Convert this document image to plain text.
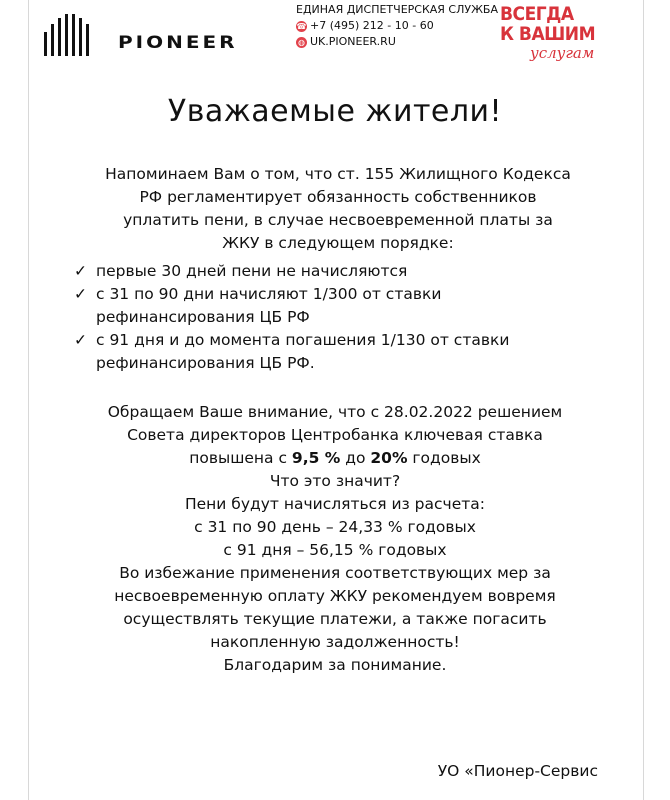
PIONEER
ЕДИНАЯ ДИСПЕТЧЕРСКАЯ СЛУЖБА
☎ +7 (495) 212 - 10 - 60
◍ UK.PIONEER.RU
ВСЕГДА
К ВАШИМ
услугам
Уважаемые жители!
Напоминаем Вам о том, что ст. 155 Жилищного Кодекса
РФ регламентирует обязанность собственников
уплатить пени, в случае несвоевременной платы за
ЖКУ в следующем порядке:
✓ первые 30 дней пени не начисляются
✓ с 31 по 90 дни начисляют 1/300 от ставки
рефинансирования ЦБ РФ
✓ с 91 дня и до момента погашения 1/130 от ставки
рефинансирования ЦБ РФ.
Обращаем Ваше внимание, что с 28.02.2022 решением
Совета директоров Центробанка ключевая ставка
повышена с 9,5 % до 20% годовых
Что это значит?
Пени будут начисляться из расчета:
с 31 по 90 день – 24,33 % годовых
с 91 дня – 56,15 % годовых
Во избежание применения соответствующих мер за
несвоевременную оплату ЖКУ рекомендуем вовремя
осуществлять текущие платежи, а также погасить
накопленную задолженность!
Благодарим за понимание.
УО «Пионер-Сервис
